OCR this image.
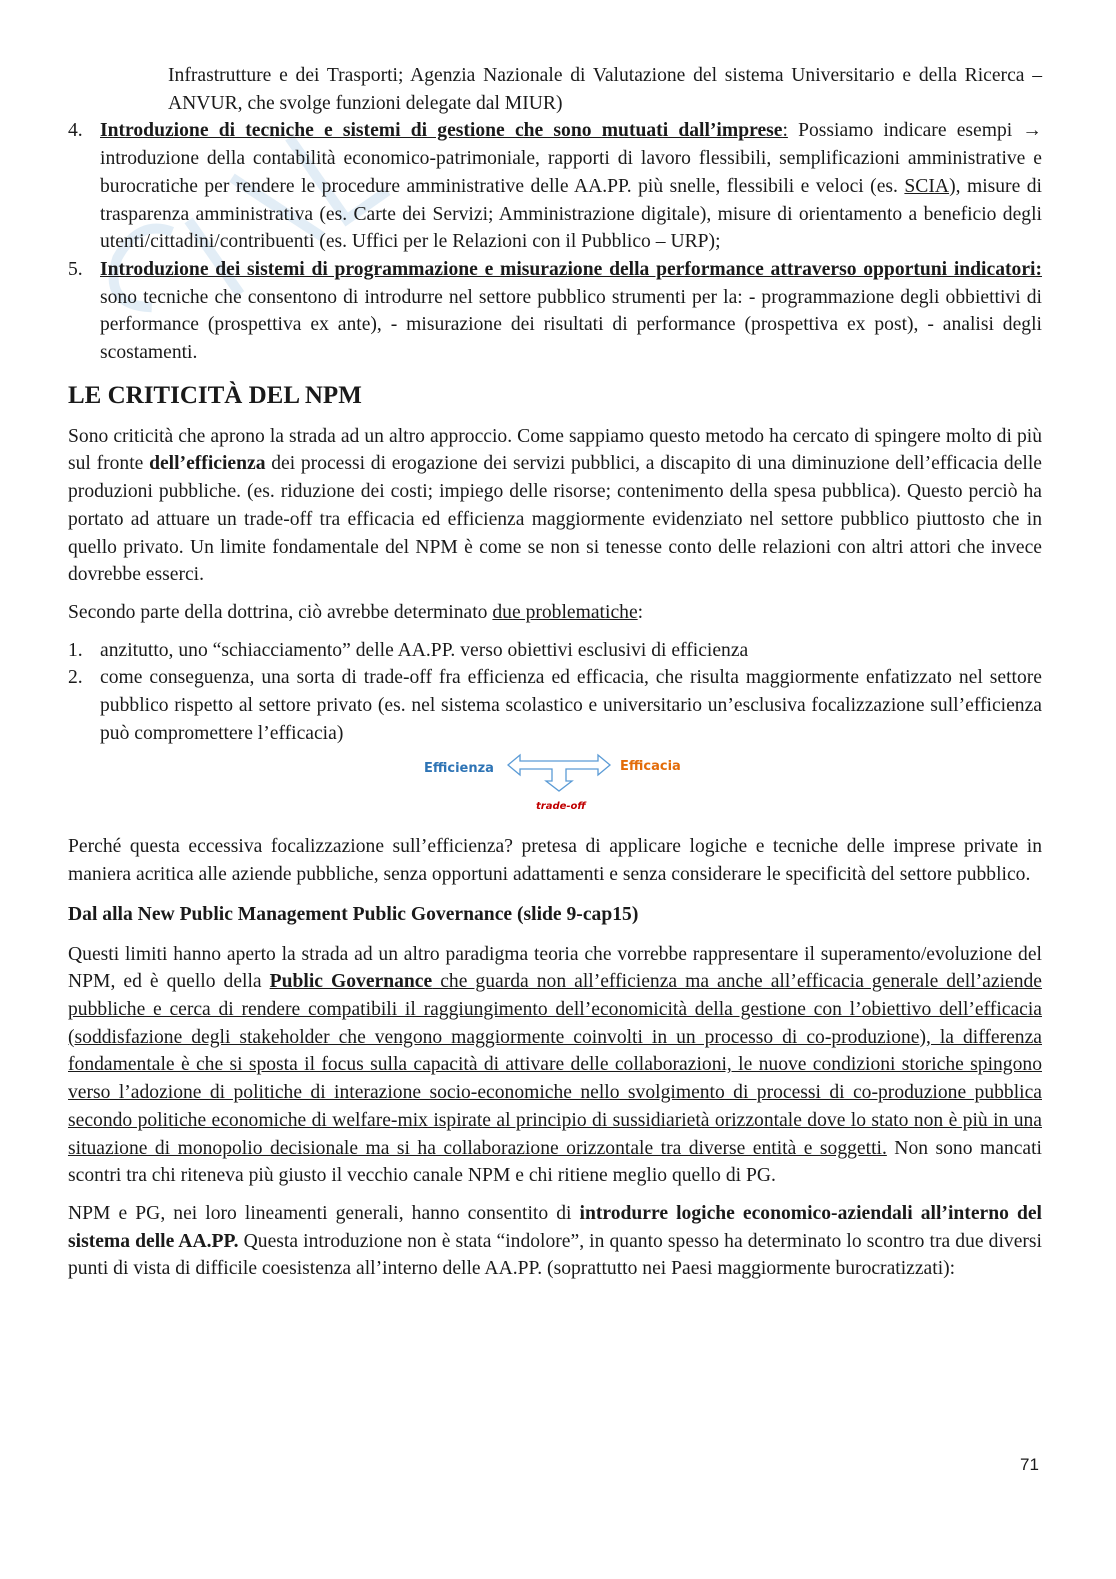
Infrastrutture e dei Trasporti; Agenzia Nazionale di Valutazione del sistema Universitario e della Ricerca – ANVUR, che svolge funzioni delegate dal MIUR)

4. Introduzione di tecniche e sistemi di gestione che sono mutuati dall’imprese: Possiamo indicare esempi → introduzione della contabilità economico-patrimoniale, rapporti di lavoro flessibili, semplificazioni amministrative e burocratiche per rendere le procedure amministrative delle AA.PP. più snelle, flessibili e veloci (es. SCIA), misure di trasparenza amministrativa (es. Carte dei Servizi; Amministrazione digitale), misure di orientamento a beneficio degli utenti/cittadini/contribuenti (es. Uffici per le Relazioni con il Pubblico – URP);
5. Introduzione dei sistemi di programmazione e misurazione della performance attraverso opportuni indicatori: sono tecniche che consentono di introdurre nel settore pubblico strumenti per la: - programmazione degli obbiettivi di performance (prospettiva ex ante), - misurazione dei risultati di performance (prospettiva ex post), - analisi degli scostamenti.
LE CRITICITÀ DEL NPM

Sono criticità che aprono la strada ad un altro approccio. Come sappiamo questo metodo ha cercato di spingere molto di più sul fronte dell’efficienza dei processi di erogazione dei servizi pubblici, a discapito di una diminuzione dell’efficacia delle produzioni pubbliche. (es. riduzione dei costi; impiego delle risorse; contenimento della spesa pubblica). Questo perciò ha portato ad attuare un trade-off tra efficacia ed efficienza maggiormente evidenziato nel settore pubblico piuttosto che in quello privato. Un limite fondamentale del NPM è come se non si tenesse conto delle relazioni con altri attori che invece dovrebbe esserci.

Secondo parte della dottrina, ciò avrebbe determinato due problematiche:

1. anzitutto, uno “schiacciamento” delle AA.PP. verso obiettivi esclusivi di efficienza
2. come conseguenza, una sorta di trade-off fra efficienza ed efficacia, che risulta maggiormente enfatizzato nel settore pubblico rispetto al settore privato (es. nel sistema scolastico e universitario un’esclusiva focalizzazione sull’efficienza può compromettere l’efficacia)
Efficienza	Efficacia
trade-off

Perché questa eccessiva focalizzazione sull’efficienza? pretesa di applicare logiche e tecniche delle imprese private in maniera acritica alle aziende pubbliche, senza opportuni adattamenti e senza considerare le specificità del settore pubblico.

Dal alla New Public Management Public Governance (slide 9-cap15)

Questi limiti hanno aperto la strada ad un altro paradigma teoria che vorrebbe rappresentare il superamento/evoluzione del NPM, ed è quello della Public Governance che guarda non all’efficienza ma anche all’efficacia generale dell’aziende pubbliche e cerca di rendere compatibili il raggiungimento dell’economicità della gestione con l’obiettivo dell’efficacia (soddisfazione degli stakeholder che vengono maggiormente coinvolti in un processo di co-produzione), la differenza fondamentale è che si sposta il focus sulla capacità di attivare delle collaborazioni, le nuove condizioni storiche spingono verso l’adozione di politiche di interazione socio-economiche nello svolgimento di processi di co-produzione pubblica secondo politiche economiche di welfare-mix ispirate al principio di sussidiarietà orizzontale dove lo stato non è più in una situazione di monopolio decisionale ma si ha collaborazione orizzontale tra diverse entità e soggetti. Non sono mancati scontri tra chi riteneva più giusto il vecchio canale NPM e chi ritiene meglio quello di PG.

NPM e PG, nei loro lineamenti generali, hanno consentito di introdurre logiche economico-aziendali all’interno del sistema delle AA.PP. Questa introduzione non è stata “indolore”, in quanto spesso ha determinato lo scontro tra due diversi punti di vista di difficile coesistenza all’interno delle AA.PP. (soprattutto nei Paesi maggiormente burocratizzati):

71
